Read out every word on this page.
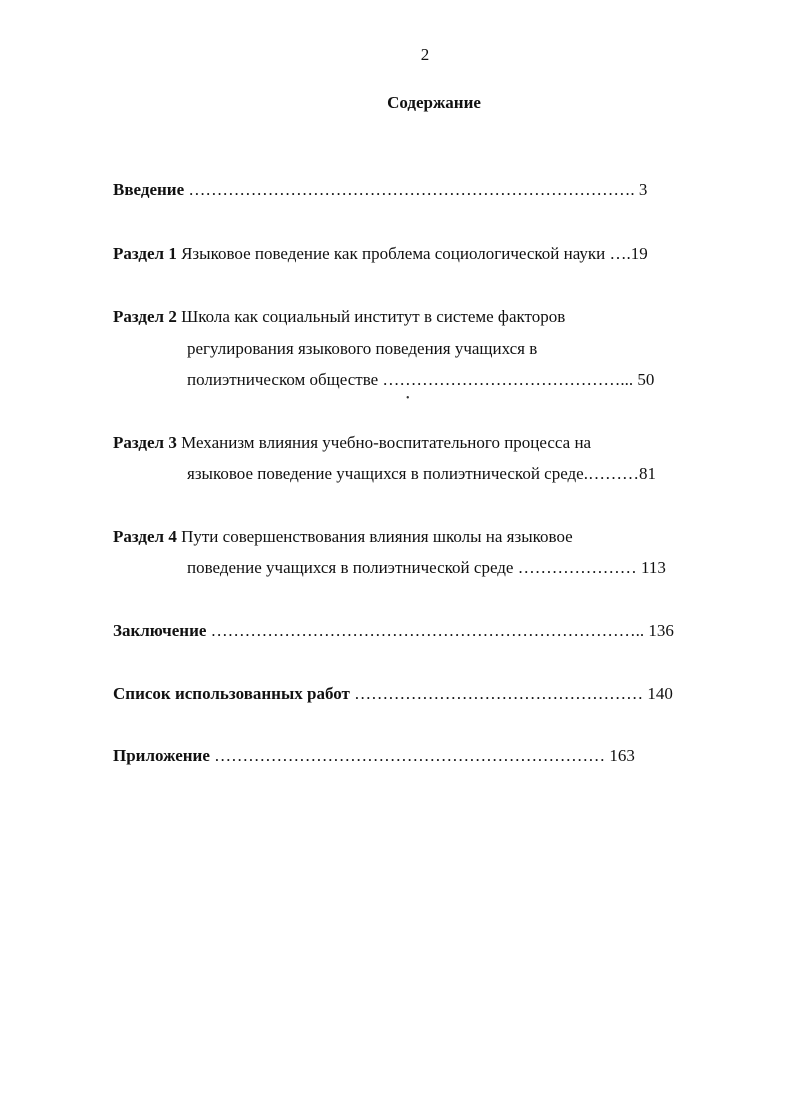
2
Содержание
Введение ……………………………………………………………………. 3
Раздел 1 Языковое поведение как проблема социологической науки ….19
Раздел 2 Школа как социальный институт в системе факторов
регулирования языкового поведения учащихся в
полиэтническом обществе ……………………………………... 50
•
Раздел 3 Механизм влияния учебно-воспитательного процесса на
языковое поведение учащихся в полиэтнической среде.………81
Раздел 4 Пути совершенствования влияния школы на языковое
поведение учащихся в полиэтнической среде ………………… 113
Заключение ………………………………………………………………….. 136
Список использованных работ …………………………………………… 140
Приложение …………………………………………………………… 163
